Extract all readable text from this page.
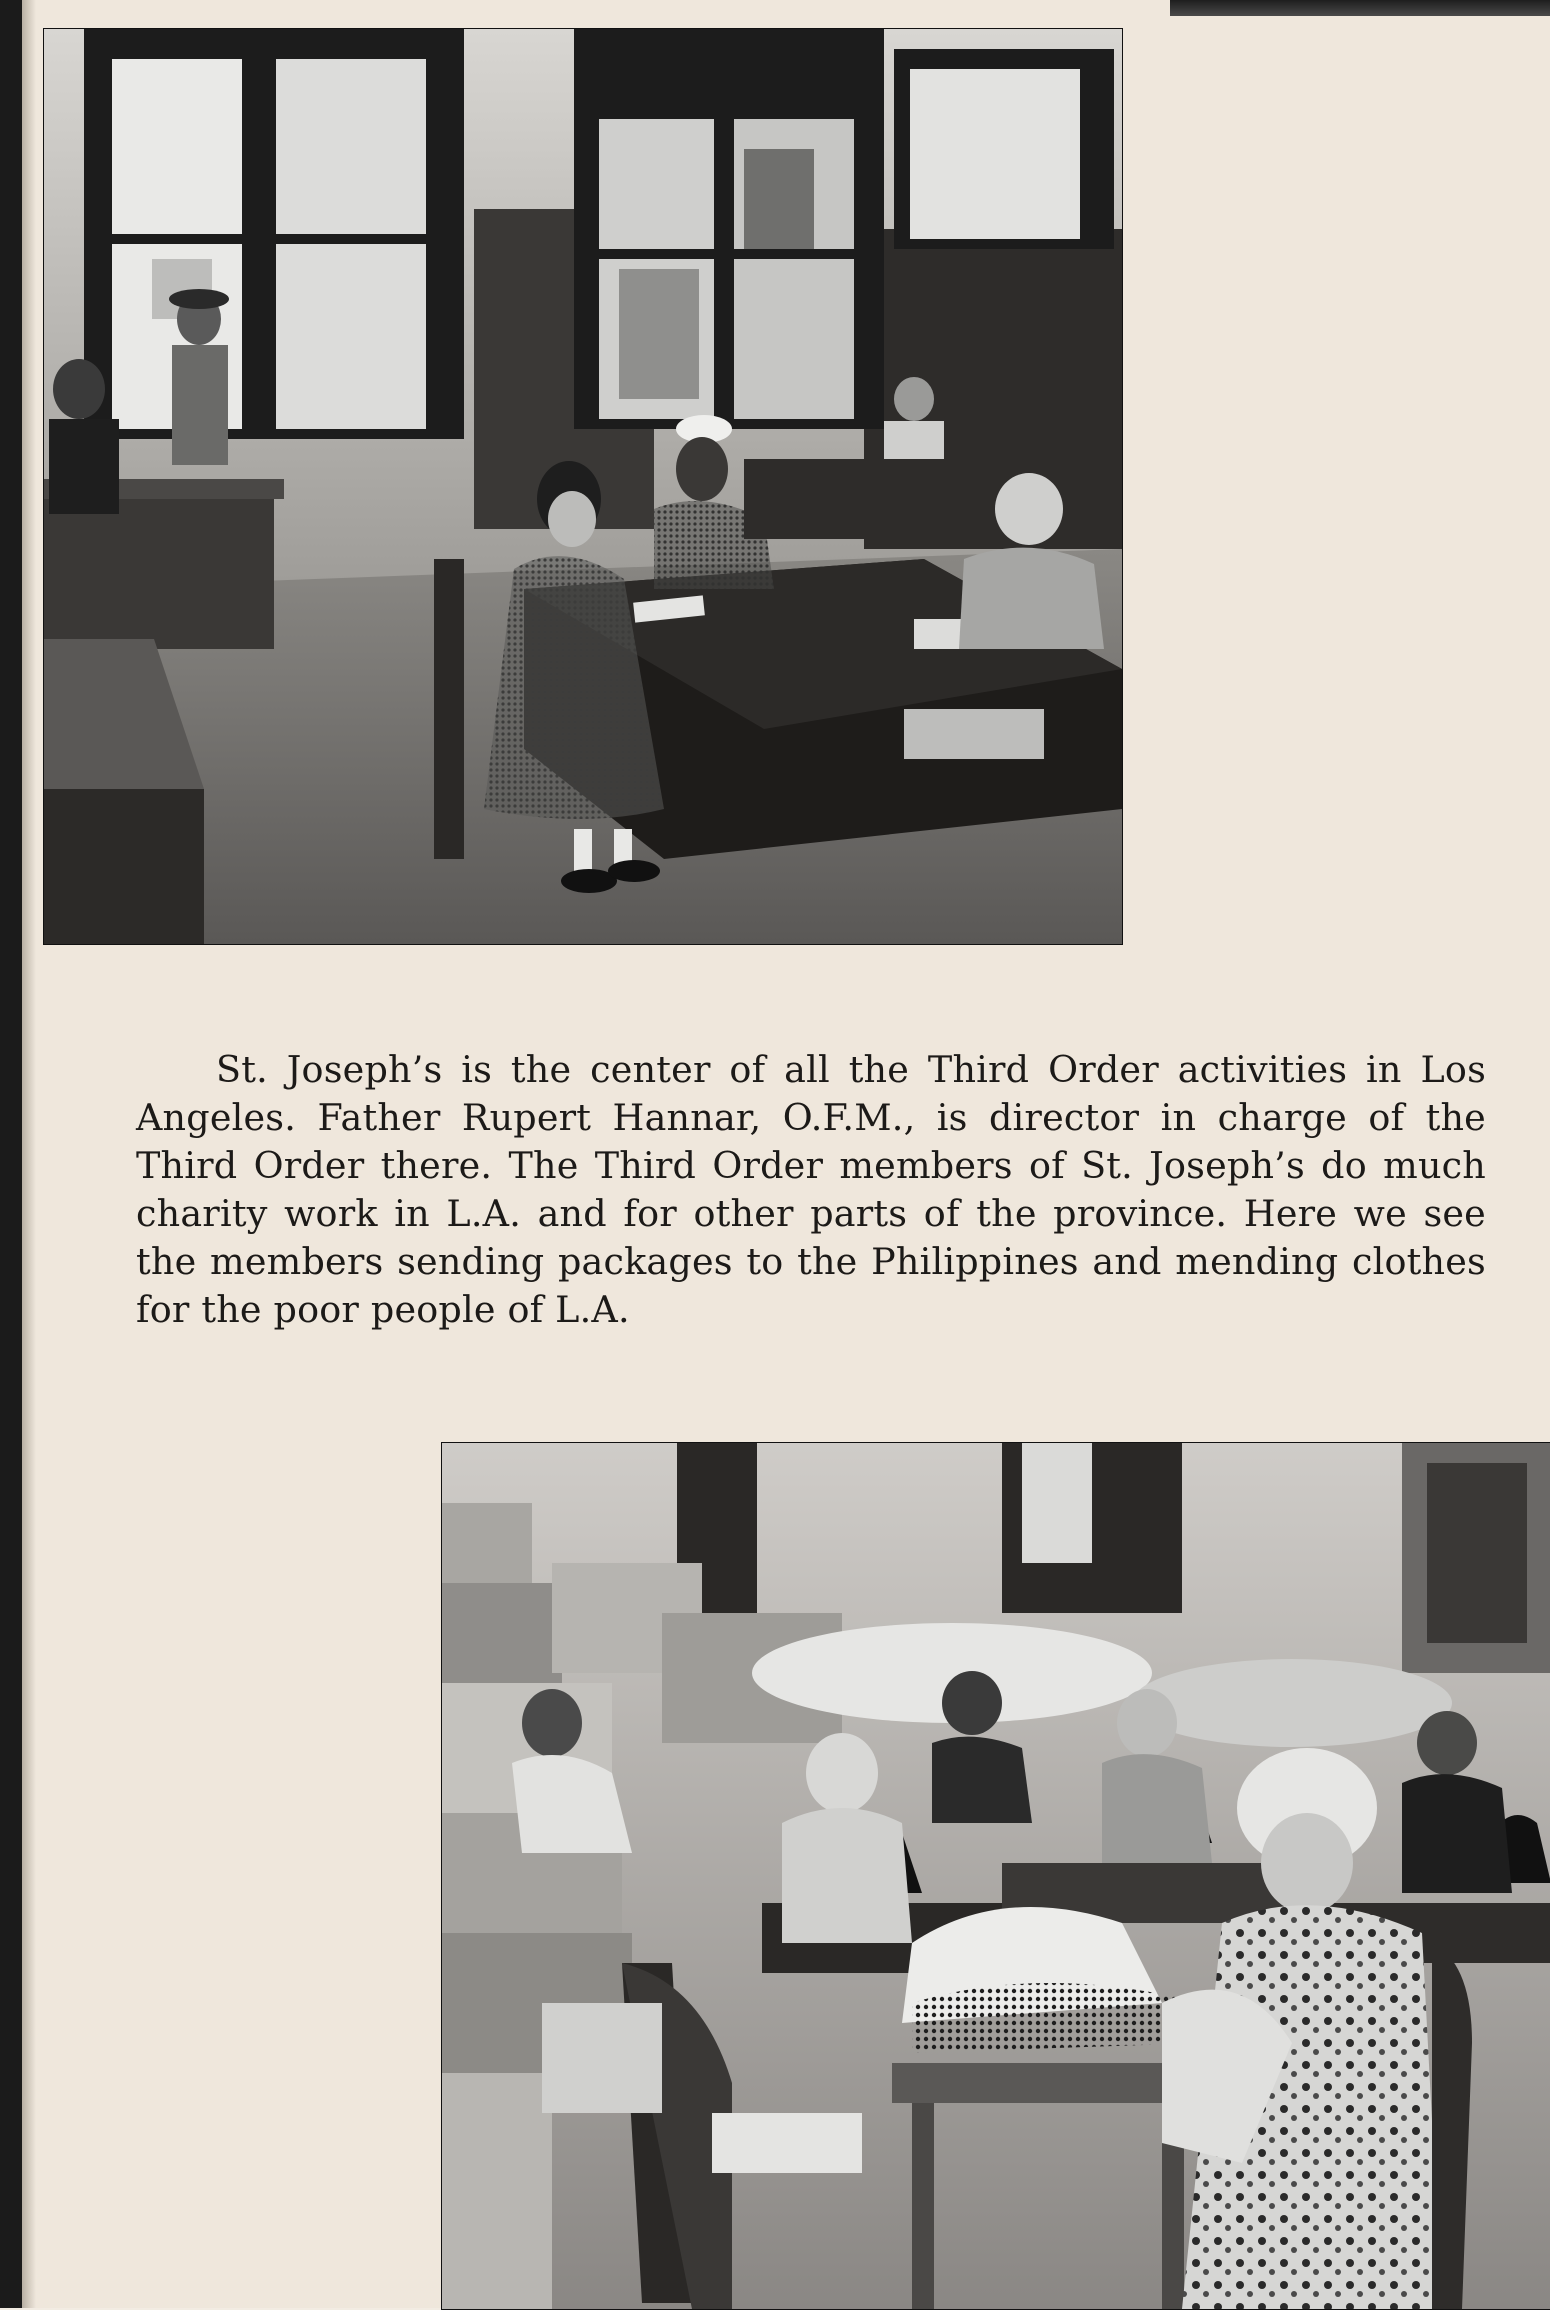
St. Joseph’s is the center of all the Third Order activities in Los Angeles. Father Rupert Hannar, O.F.M., is director in charge of the Third Order there. The Third Order members of St. Joseph’s do much charity work in L.A. and for other parts of the province. Here we see the members sending packages to the Philippines and mending clothes for the poor people of L.A.
